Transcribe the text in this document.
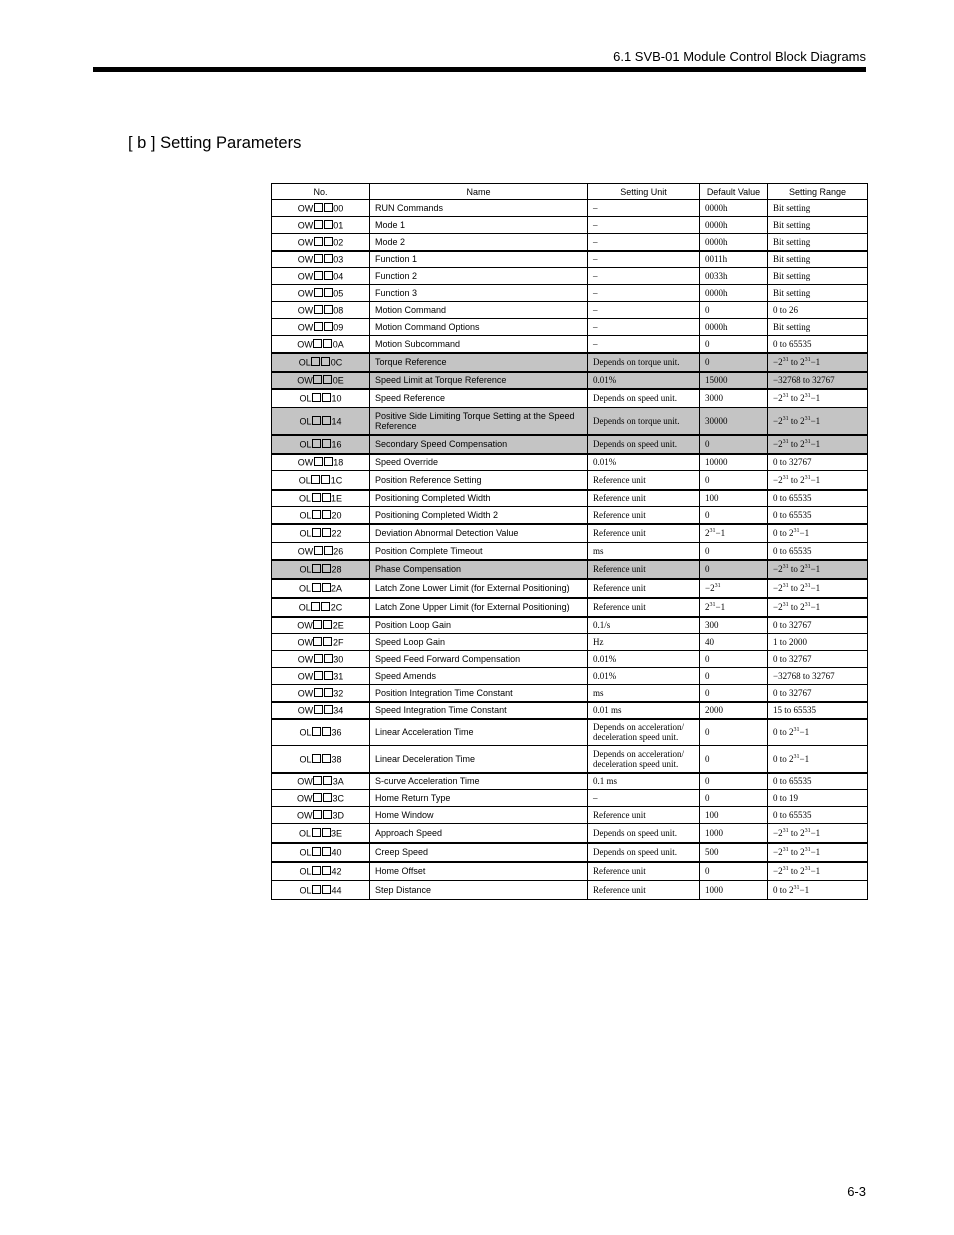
6.1 SVB-01 Module Control Block Diagrams
[ b ] Setting Parameters
No.	Name	Setting Unit	Default Value	Setting Range
OW 00	RUN Commands	–	0000h	Bit setting
OW 01	Mode 1	–	0000h	Bit setting
OW 02	Mode 2	–	0000h	Bit setting
OW 03	Function 1	–	0011h	Bit setting
OW 04	Function 2	–	0033h	Bit setting
OW 05	Function 3	–	0000h	Bit setting
OW 08	Motion Command	–	0	0 to 26
OW 09	Motion Command Options	–	0000h	Bit setting
OW 0A	Motion Subcommand	–	0	0 to 65535
OL 0C	Torque Reference	Depends on torque unit.	0	$-2^{31}$ to $2^{31}-1$
OW 0E	Speed Limit at Torque Reference	0.01%	15000	−32768 to 32767
OL 10	Speed Reference	Depends on speed unit.	3000	$-2^{31}$ to $2^{31}-1$
OL 14	Positive Side Limiting Torque Setting at the Speed Reference	Depends on torque unit.	30000	$-2^{31}$ to $2^{31}-1$
OL 16	Secondary Speed Compensation	Depends on speed unit.	0	$-2^{31}$ to $2^{31}-1$
OW 18	Speed Override	0.01%	10000	0 to 32767
OL 1C	Position Reference Setting	Reference unit	0	$-2^{31}$ to $2^{31}-1$
OL 1E	Positioning Completed Width	Reference unit	100	0 to 65535
OL 20	Positioning Completed Width 2	Reference unit	0	0 to 65535
OL 22	Deviation Abnormal Detection Value	Reference unit	$2^{31}-1$	0 to $2^{31}-1$
OW 26	Position Complete Timeout	ms	0	0 to 65535
OL 28	Phase Compensation	Reference unit	0	$-2^{31}$ to $2^{31}-1$
OL 2A	Latch Zone Lower Limit (for External Positioning)	Reference unit	$-2^{31}$	$-2^{31}$ to $2^{31}-1$
OL 2C	Latch Zone Upper Limit (for External Positioning)	Reference unit	$2^{31}-1$	$-2^{31}$ to $2^{31}-1$
OW 2E	Position Loop Gain	0.1/s	300	0 to 32767
OW 2F	Speed Loop Gain	Hz	40	1 to 2000
OW 30	Speed Feed Forward Compensation	0.01%	0	0 to 32767
OW 31	Speed Amends	0.01%	0	−32768 to 32767
OW 32	Position Integration Time Constant	ms	0	0 to 32767
OW 34	Speed Integration Time Constant	0.01 ms	2000	15 to 65535
OL 36	Linear Acceleration Time	Depends on acceleration/ deceleration speed unit.	0	0 to $2^{31}-1$
OL 38	Linear Deceleration Time	Depends on acceleration/ deceleration speed unit.	0	0 to $2^{31}-1$
OW 3A	S-curve Acceleration Time	0.1 ms	0	0 to 65535
OW 3C	Home Return Type	–	0	0 to 19
OW 3D	Home Window	Reference unit	100	0 to 65535
OL 3E	Approach Speed	Depends on speed unit.	1000	$-2^{31}$ to $2^{31}-1$
OL 40	Creep Speed	Depends on speed unit.	500	$-2^{31}$ to $2^{31}-1$
OL 42	Home Offset	Reference unit	0	$-2^{31}$ to $2^{31}-1$
OL 44	Step Distance	Reference unit	1000	0 to $2^{31}-1$
6-3
